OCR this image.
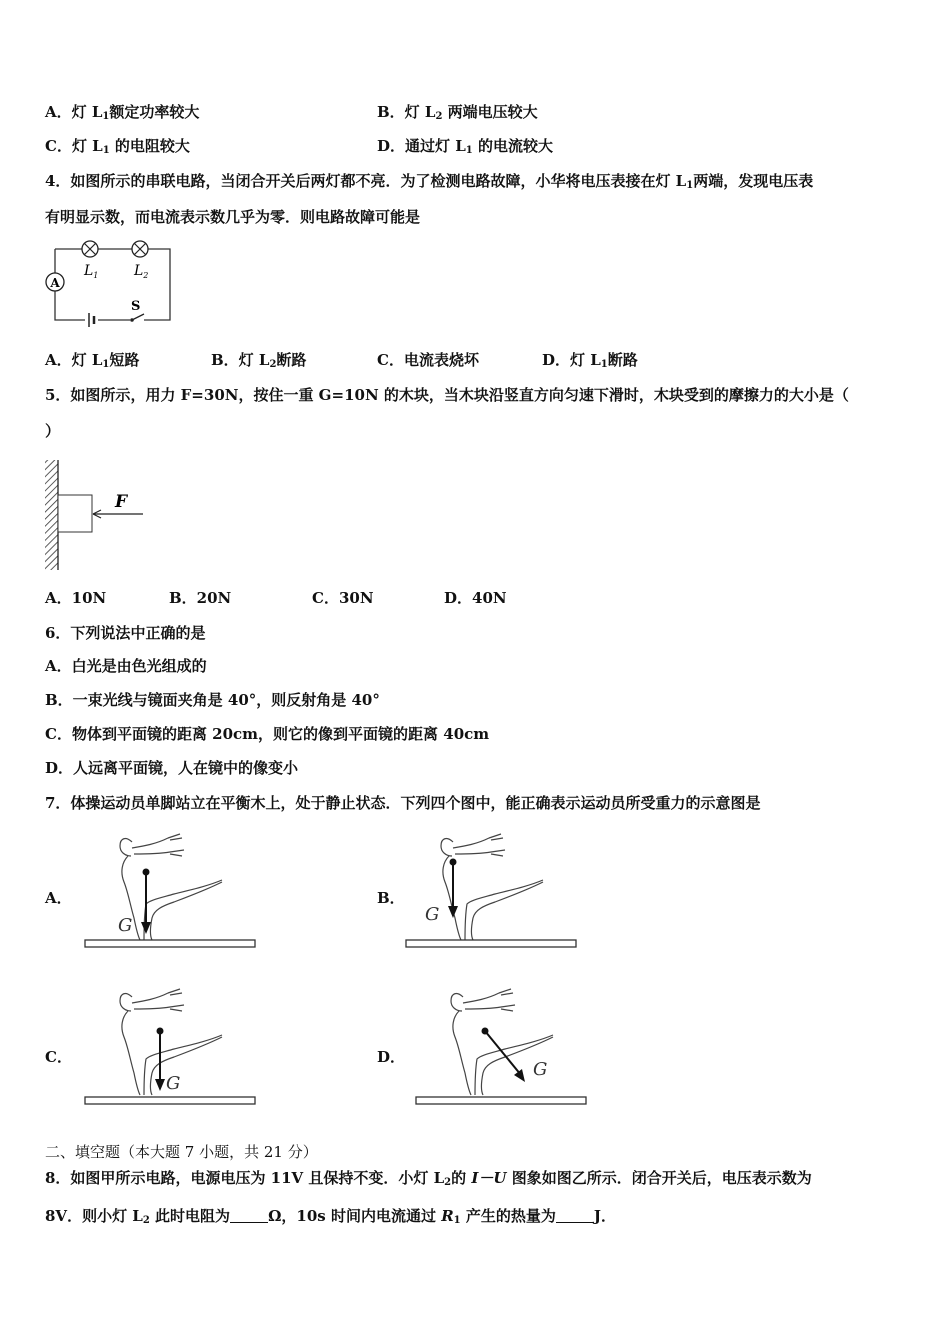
A．灯 $L_1$额定功率较大	B．灯 $L_2$ 两端电压较大
C．灯 $L_1$ 的电阻较大	D．通过灯 $L_1$ 的电流较大
4．如图所示的串联电路，当闭合开关后两灯都不亮．为了检测电路故障，小华将电压表接在灯 $L_1$两端，发现电压表
有明显示数，而电流表示数几乎为零．则电路故障可能是
A
$L_1$	$L_2$
S
A．灯 $L_1$短路	B．灯 $L_2$断路	C．电流表烧坏	D．灯 $L_1$断路
5．如图所示，用力 F=30N，按住一重 G=10N 的木块，当木块沿竖直方向匀速下滑时，木块受到的摩擦力的大小是（
）
F
A．10N	B．20N	C．30N	D．40N
6．下列说法中正确的是
A．白光是由色光组成的
B．一束光线与镜面夹角是 40°，则反射角是 40°
C．物体到平面镜的距离 20cm，则它的像到平面镜的距离 40cm
D．人远离平面镜，人在镜中的像变小
7．体操运动员单脚站立在平衡木上，处于静止状态．下列四个图中，能正确表示运动员所受重力的示意图是
A．	B．
C．	D．
G
G
G
G
二、填空题（本大题 7 小题，共 21 分）
8．如图甲所示电路，电源电压为 11V 且保持不变．小灯 $L_2$的 I－U 图象如图乙所示．闭合开关后，电压表示数为
8V．则小灯 $L_2$ 此时电阻为	Ω，10s 时间内电流通过 $R_1$ 产生的热量为	J．
